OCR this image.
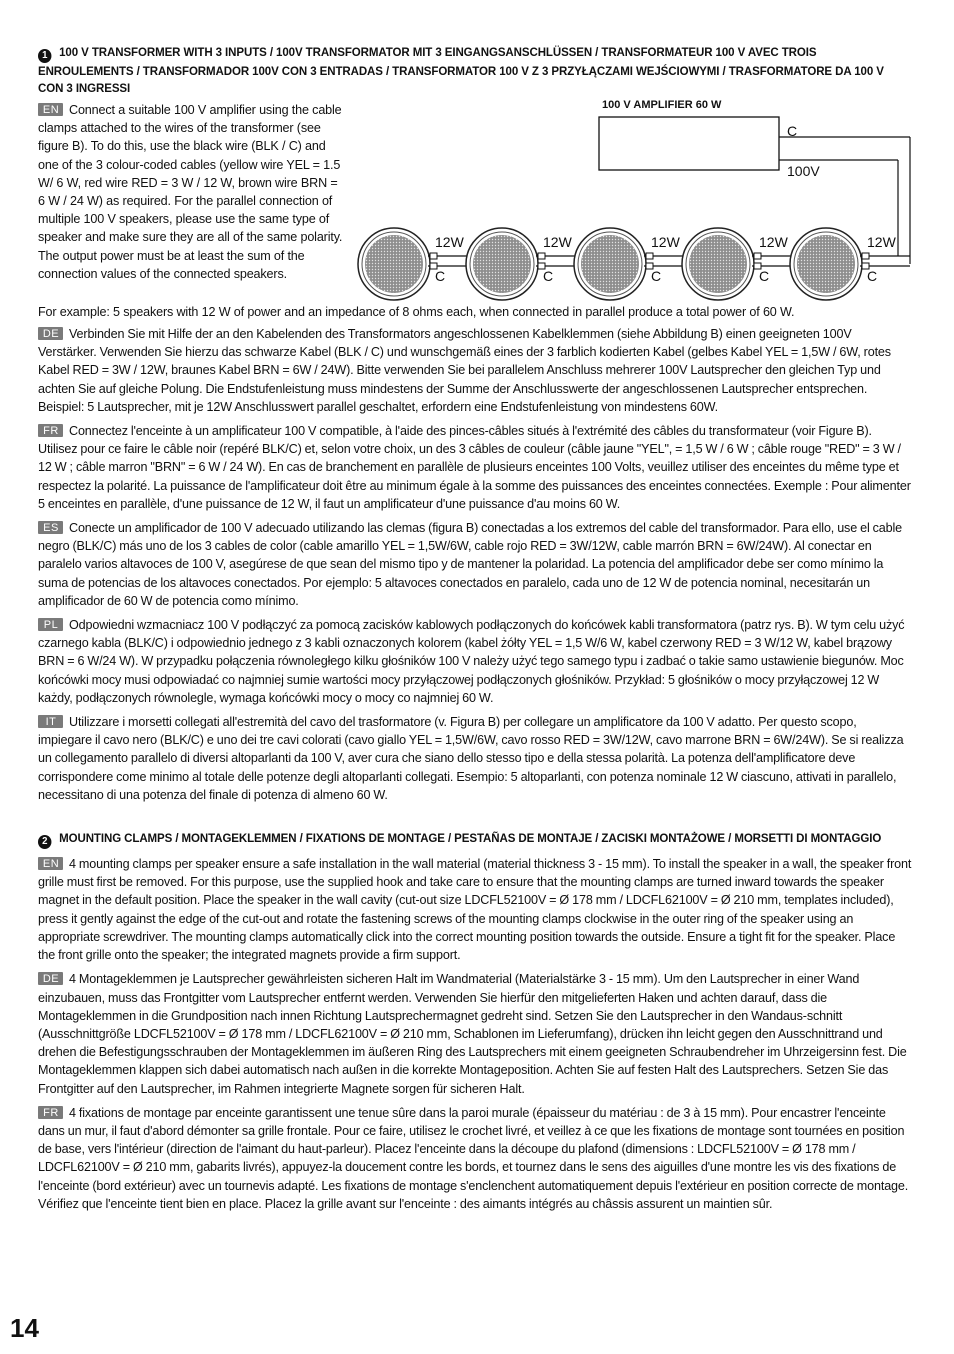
1 100 V TRANSFORMER WITH 3 INPUTS / 100V TRANSFORMATOR MIT 3 EINGANGSANSCHLÜSSEN / TRANSFORMATEUR 100 V AVEC TROIS ENROULEMENTS / TRANSFORMADOR 100V CON 3 ENTRADAS / TRANSFORMATOR 100 V Z 3 PRZYŁĄCZAMI WEJŚCIOWYMI / TRASFORMATORE DA 100 V CON 3 INGRESSI
EN Connect a suitable 100 V amplifier using the cable clamps attached to the wires of the transformer (see figure B). To do this, use the black wire (BLK / C) and one of the 3 colour-coded cables (yellow wire YEL = 1.5 W/ 6 W, red wire RED = 3 W / 12 W, brown wire BRN = 6 W / 24 W) as required. For the parallel connection of multiple 100 V speakers, please use the same type of speaker and make sure they are all of the same polarity. The output power must be at least the sum of the connection values of the connected speakers.
100 V AMPLIFIER 60 W
C
100V
12W
C
12W
C
12W
C
12W
C
12W
C
For example: 5 speakers with 12 W of power and an impedance of 8 ohms each, when connected in parallel produce a total power of 60 W.
DE Verbinden Sie mit Hilfe der an den Kabelenden des Transformators angeschlossenen Kabelklemmen (siehe Abbildung B) einen geeigneten 100V Verstärker. Verwenden Sie hierzu das schwarze Kabel (BLK / C) und wunschgemäß eines der 3 farblich kodierten Kabel (gelbes Kabel YEL = 1,5W / 6W, rotes Kabel RED = 3W / 12W, braunes Kabel BRN = 6W / 24W). Bitte verwenden Sie bei parallelem Anschluss mehrerer 100V Lautsprecher den gleichen Typ und achten Sie auf gleiche Polung. Die Endstufenleistung muss mindestens der Summe der Anschlusswerte der angeschlossenen Lautsprecher entsprechen. Beispiel: 5 Lautsprecher, mit je 12W Anschlusswert parallel geschaltet, erfordern eine Endstufenleistung von mindestens 60W.
FR Connectez l'enceinte à un amplificateur 100 V compatible, à l'aide des pinces-câbles situés à l'extrémité des câbles du transformateur (voir Figure B). Utilisez pour ce faire le câble noir (repéré BLK/C) et, selon votre choix, un des 3 câbles de couleur (câble jaune "YEL", = 1,5 W / 6 W ; câble rouge "RED" = 3 W / 12 W ; câble marron "BRN" = 6 W / 24 W). En cas de branchement en parallèle de plusieurs enceintes 100 Volts, veuillez utiliser des enceintes du même type et respectez la polarité. La puissance de l'amplificateur doit être au minimum égale à la somme des puissances des enceintes connectées. Exemple : Pour alimenter 5 enceintes en parallèle, d'une puissance de 12 W, il faut un amplificateur d'une puissance d'au moins 60 W.
ES Conecte un amplificador de 100 V adecuado utilizando las clemas (figura B) conectadas a los extremos del cable del transformador. Para ello, use el cable negro (BLK/C) más uno de los 3 cables de color (cable amarillo YEL = 1,5W/6W, cable rojo RED = 3W/12W, cable marrón BRN = 6W/24W). Al conectar en paralelo varios altavoces de 100 V, asegúrese de que sean del mismo tipo y de mantener la polaridad. La potencia del amplificador debe ser como mínimo la suma de potencias de los altavoces conectados. Por ejemplo: 5 altavoces conectados en paralelo, cada uno de 12 W de potencia nominal, necesitarán un amplificador de 60 W de potencia como mínimo.
PL Odpowiedni wzmacniacz 100 V podłączyć za pomocą zacisków kablowych podłączonych do końcówek kabli transformatora (patrz rys. B). W tym celu użyć czarnego kabla (BLK/C) i odpowiednio jednego z 3 kabli oznaczonych kolorem (kabel żółty YEL = 1,5 W/6 W, kabel czerwony RED = 3 W/12 W, kabel brązowy BRN = 6 W/24 W). W przypadku połączenia równoległego kilku głośników 100 V należy użyć tego samego typu i zadbać o takie samo ustawienie biegunów. Moc końcówki mocy musi odpowiadać co najmniej sumie wartości mocy przyłączowej podłączonych głośników. Przykład: 5 głośników o mocy przyłączowej 12 W każdy, podłączonych równolegle, wymaga końcówki mocy o mocy co najmniej 60 W.
IT Utilizzare i morsetti collegati all'estremità del cavo del trasformatore (v. Figura B) per collegare un amplificatore da 100 V adatto. Per questo scopo, impiegare il cavo nero (BLK/C) e uno dei tre cavi colorati (cavo giallo YEL = 1,5W/6W, cavo rosso RED = 3W/12W, cavo marrone BRN = 6W/24W). Se si realizza un collegamento parallelo di diversi altoparlanti da 100 V, aver cura che siano dello stesso tipo e della stessa polarità. La potenza dell'amplificatore deve corrispondere come minimo al totale delle potenze degli altoparlanti collegati. Esempio: 5 altoparlanti, con potenza nominale 12 W ciascuno, attivati in parallelo, necessitano di una potenza del finale di potenza di almeno 60 W.
2 MOUNTING CLAMPS / MONTAGEKLEMMEN / FIXATIONS DE MONTAGE / PESTAÑAS DE MONTAJE / ZACISKI MONTAŻOWE / MORSETTI DI MONTAGGIO
EN 4 mounting clamps per speaker ensure a safe installation in the wall material (material thickness 3 - 15 mm). To install the speaker in a wall, the speaker front grille must first be removed. For this purpose, use the supplied hook and take care to ensure that the mounting clamps are turned inward towards the speaker magnet in the default position. Place the speaker in the wall cavity (cut-out size LDCFL52100V = Ø 178 mm / LDCFL62100V = Ø 210 mm, templates included), press it gently against the edge of the cut-out and rotate the fastening screws of the mounting clamps clockwise in the outer ring of the speaker using an appropriate screwdriver. The mounting clamps automatically click into the correct mounting position towards the outside. Ensure a tight fit for the speaker. Place the front grille onto the speaker; the integrated magnets provide a firm support.
DE 4 Montageklemmen je Lautsprecher gewährleisten sicheren Halt im Wandmaterial (Materialstärke 3 - 15 mm). Um den Lautsprecher in einer Wand einzubauen, muss das Frontgitter vom Lautsprecher entfernt werden. Verwenden Sie hierfür den mitgelieferten Haken und achten darauf, dass die Montageklemmen in die Grundposition nach innen Richtung Lautsprechermagnet gedreht sind. Setzen Sie den Lautsprecher in den Wandaus-schnitt (Ausschnittgröße LDCFL52100V = Ø 178 mm / LDCFL62100V = Ø 210 mm, Schablonen im Lieferumfang), drücken ihn leicht gegen den Ausschnittrand und drehen die Befestigungsschrauben der Montageklemmen im äußeren Ring des Lautsprechers mit einem geeigneten Schraubendreher im Uhrzeigersinn fest. Die Montageklemmen klappen sich dabei automatisch nach außen in die korrekte Montageposition. Achten Sie auf festen Halt des Lautsprechers. Setzen Sie das Frontgitter auf den Lautsprecher, im Rahmen integrierte Magnete sorgen für sicheren Halt.
FR 4 fixations de montage par enceinte garantissent une tenue sûre dans la paroi murale (épaisseur du matériau : de 3 à 15 mm). Pour encastrer l'enceinte dans un mur, il faut d'abord démonter sa grille frontale. Pour ce faire, utilisez le crochet livré, et veillez à ce que les fixations de montage sont tournées en position de base, vers l'intérieur (direction de l'aimant du haut-parleur). Placez l'enceinte dans la découpe du plafond (dimensions : LDCFL52100V = Ø 178 mm / LDCFL62100V = Ø 210 mm, gabarits livrés), appuyez-la doucement contre les bords, et tournez dans le sens des aiguilles d'une montre les vis des fixations de l'enceinte (bord extérieur) avec un tournevis adapté. Les fixations de montage s'enclenchent automatiquement depuis l'extérieur en position correcte de montage. Vérifiez que l'enceinte tient bien en place. Placez la grille avant sur l'enceinte : des aimants intégrés au châssis assurent un maintien sûr.
14
